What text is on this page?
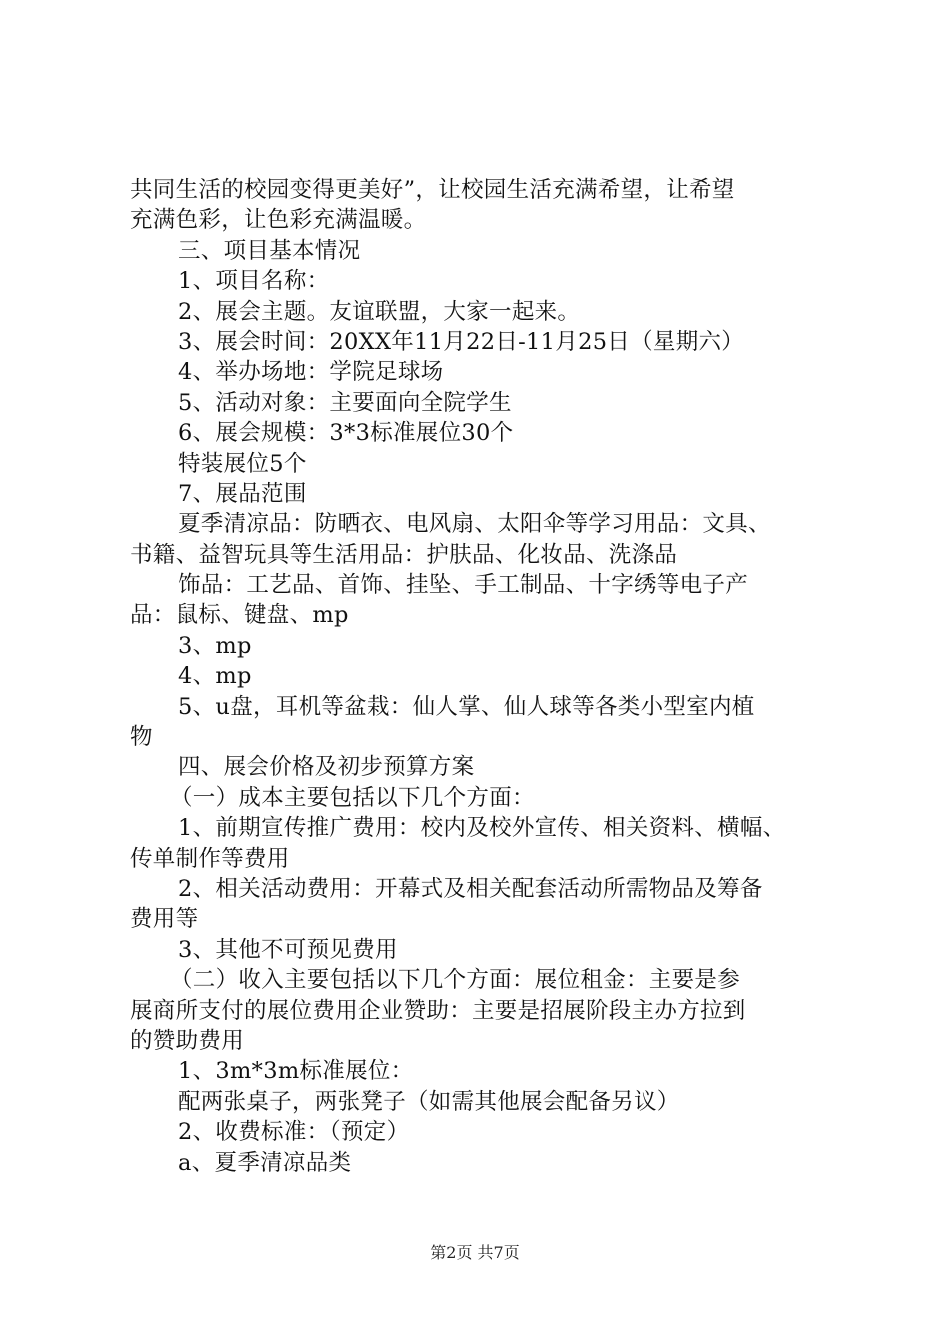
共同生活的校园变得更美好”，让校园生活充满希望，让希望
充满色彩，让色彩充满温暖。
三、项目基本情况
1、项目名称：
2、展会主题。友谊联盟，大家一起来。
3、展会时间：20XX年11月22日-11月25日（星期六）
4、举办场地：学院足球场
5、活动对象：主要面向全院学生
6、展会规模：3*3标准展位30个
特装展位5个
7、展品范围
夏季清凉品：防晒衣、电风扇、太阳伞等学习用品：文具、
书籍、益智玩具等生活用品：护肤品、化妆品、洗涤品
饰品：工艺品、首饰、挂坠、手工制品、十字绣等电子产
品：鼠标、键盘、mp
3、mp
4、mp
5、u盘，耳机等盆栽：仙人掌、仙人球等各类小型室内植
物
四、展会价格及初步预算方案
（一）成本主要包括以下几个方面：
1、前期宣传推广费用：校内及校外宣传、相关资料、横幅、
传单制作等费用
2、相关活动费用：开幕式及相关配套活动所需物品及筹备
费用等
3、其他不可预见费用
（二）收入主要包括以下几个方面：展位租金：主要是参
展商所支付的展位费用企业赞助：主要是招展阶段主办方拉到
的赞助费用
1、3m*3m标准展位：
配两张桌子，两张凳子（如需其他展会配备另议）
2、收费标准：（预定）
a、夏季清凉品类
第2页 共7页
